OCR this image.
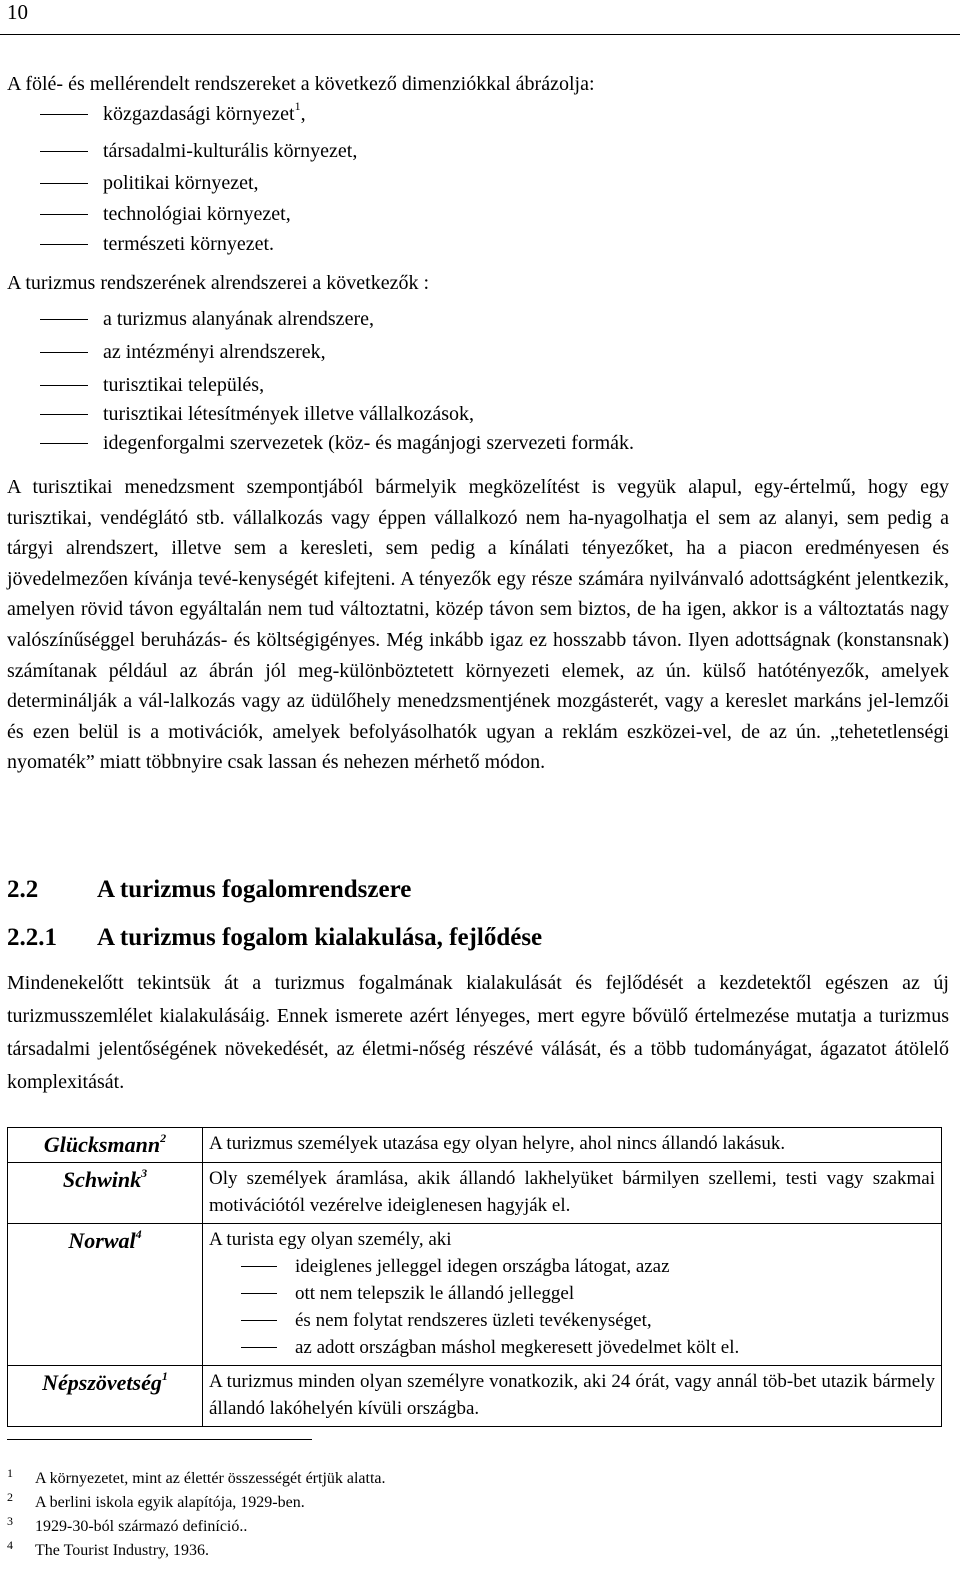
10
A fölé- és mellérendelt rendszereket a következő dimenziókkal ábrázolja:
közgazdasági környezet$^1$,
társadalmi-kulturális környezet,
politikai környezet,
technológiai környezet,
természeti környezet.
A turizmus rendszerének alrendszerei a következők :
a turizmus alanyának alrendszere,
az intézményi alrendszerek,
turisztikai település,
turisztikai létesítmények illetve vállalkozások,
idegenforgalmi szervezetek (köz- és magánjogi szervezeti formák.
A turisztikai menedzsment szempontjából bármelyik megközelítést is vegyük alapul, egy-értelmű, hogy egy turisztikai, vendéglátó stb. vállalkozás vagy éppen vállalkozó nem ha-nyagolhatja el sem az alanyi, sem pedig a tárgyi alrendszert, illetve sem a keresleti, sem pedig a kínálati tényezőket, ha a piacon eredményesen és jövedelmezően kívánja tevé-kenységét kifejteni. A tényezők egy része számára nyilvánvaló adottságként jelentkezik, amelyen rövid távon egyáltalán nem tud változtatni, közép távon sem biztos, de ha igen, akkor is a változtatás nagy valószínűséggel beruházás- és költségigényes. Még inkább igaz ez hosszabb távon. Ilyen adottságnak (konstansnak) számítanak például az ábrán jól meg-különböztetett környezeti elemek, az ún. külső hatótényezők, amelyek determinálják a vál-lalkozás vagy az üdülőhely menedzsmentjének mozgásterét, vagy a kereslet markáns jel-lemzői és ezen belül is a motivációk, amelyek befolyásolhatók ugyan a reklám eszközei-vel, de az ún. „tehetetlenségi nyomaték” miatt többnyire csak lassan és nehezen mérhető módon.
2.2 A turizmus fogalomrendszere
2.2.1 A turizmus fogalom kialakulása, fejlődése
Mindenekelőtt tekintsük át a turizmus fogalmának kialakulását és fejlődését a kezdetektől egészen az új turizmusszemlélet kialakulásáig. Ennek ismerete azért lényeges, mert egyre bővülő értelmezése mutatja a turizmus társadalmi jelentőségének növekedését, az életmi-nőség részévé válását, és a több tudományágat, ágazatot átölelő komplexitását.
Glücksmann$^2$	A turizmus személyek utazása egy olyan helyre, ahol nincs állandó lakásuk.
Schwink$^3$	Oly személyek áramlása, akik állandó lakhelyüket bármilyen szellemi, testi vagy szakmai motivációtól vezérelve ideiglenesen hagyják el.
Norwal$^4$	A turista egy olyan személy, aki
ideiglenes jelleggel idegen országba látogat, azaz
ott nem telepszik le állandó jelleggel
és nem folytat rendszeres üzleti tevékenységet,
az adott országban máshol megkeresett jövedelmet költ el.

Népszövetség$^1$	A turizmus minden olyan személyre vonatkozik, aki 24 órát, vagy annál töb-bet utazik bármely állandó lakóhelyén kívüli országba.
1 A környezetet, mint az élettér összességét értjük alatta.
2 A berlini iskola egyik alapítója, 1929-ben.
3 1929-30-ból származó definíció..
4 The Tourist Industry, 1936.
